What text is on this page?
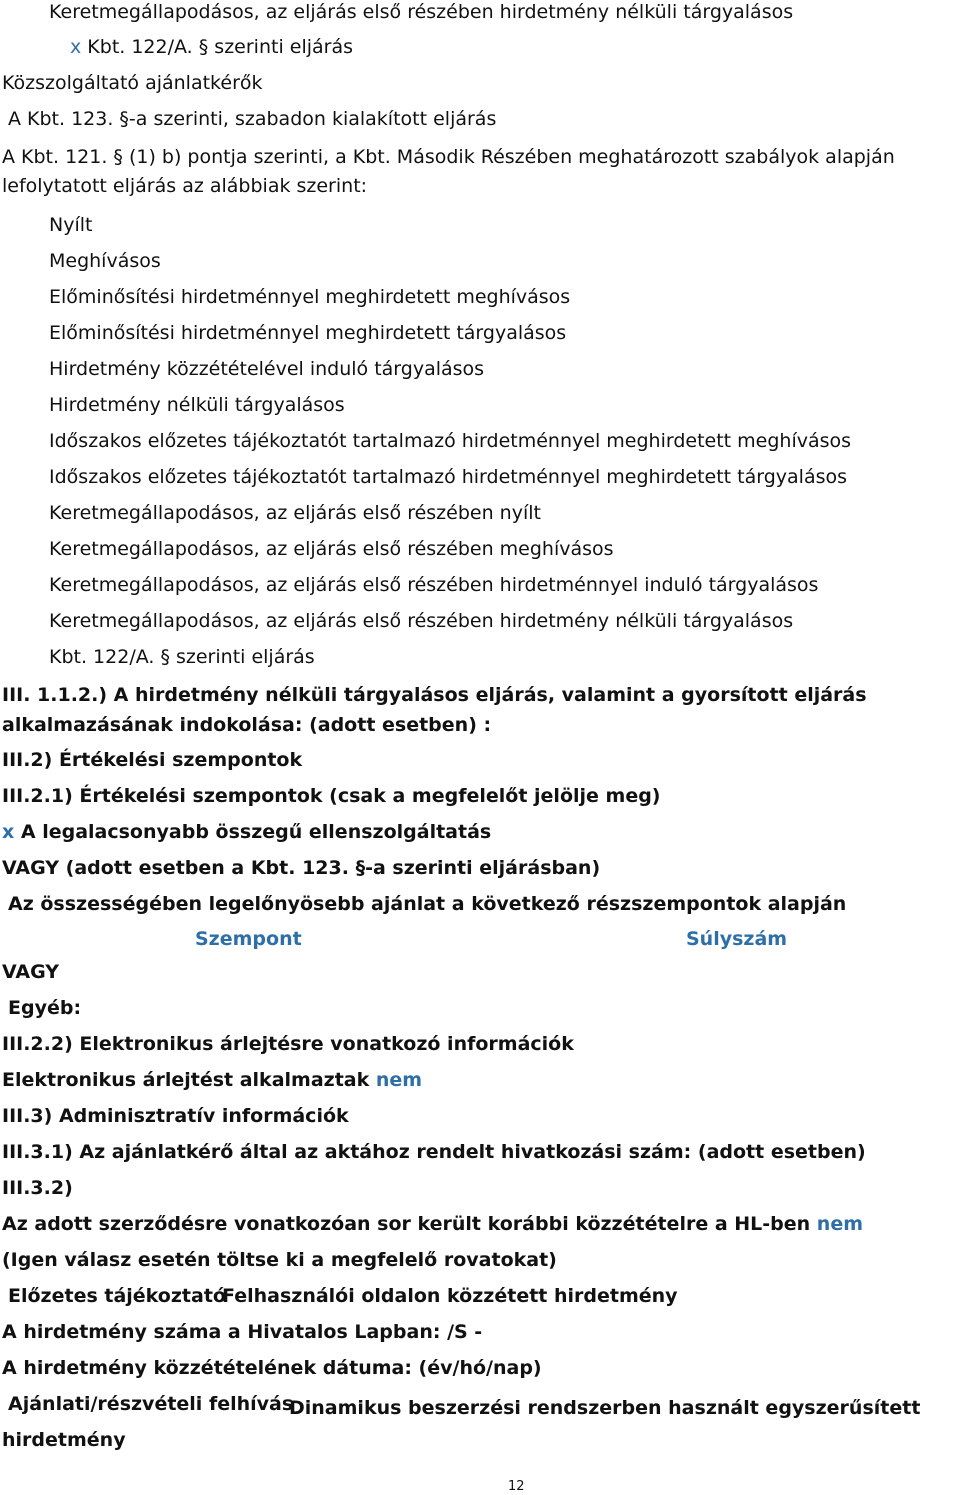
Keretmegállapodásos, az eljárás első részében hirdetmény nélküli tárgyalásos
x Kbt. 122/A. § szerinti eljárás
Közszolgáltató ajánlatkérők
A Kbt. 123. §-a szerinti, szabadon kialakított eljárás
A Kbt. 121. § (1) b) pontja szerinti, a Kbt. Második Részében meghatározott szabályok alapján lefolytatott eljárás az alábbiak szerint:
Nyílt
Meghívásos
Előminősítési hirdetménnyel meghirdetett meghívásos
Előminősítési hirdetménnyel meghirdetett tárgyalásos
Hirdetmény közzétételével induló tárgyalásos
Hirdetmény nélküli tárgyalásos
Időszakos előzetes tájékoztatót tartalmazó hirdetménnyel meghirdetett meghívásos
Időszakos előzetes tájékoztatót tartalmazó hirdetménnyel meghirdetett tárgyalásos
Keretmegállapodásos, az eljárás első részében nyílt
Keretmegállapodásos, az eljárás első részében meghívásos
Keretmegállapodásos, az eljárás első részében hirdetménnyel induló tárgyalásos
Keretmegállapodásos, az eljárás első részében hirdetmény nélküli tárgyalásos
Kbt. 122/A. § szerinti eljárás
III. 1.1.2.) A hirdetmény nélküli tárgyalásos eljárás, valamint a gyorsított eljárás alkalmazásának indokolása: (adott esetben) :
III.2) Értékelési szempontok
III.2.1) Értékelési szempontok (csak a megfelelőt jelölje meg)
x A legalacsonyabb összegű ellenszolgáltatás
VAGY (adott esetben a Kbt. 123. §-a szerinti eljárásban)
Az összességében legelőnyösebb ajánlat a következő részszempontok alapján
Szempont	Súlyszám
VAGY
Egyéb:
III.2.2) Elektronikus árlejtésre vonatkozó információk
Elektronikus árlejtést alkalmaztak nem
III.3) Adminisztratív információk
III.3.1) Az ajánlatkérő által az aktához rendelt hivatkozási szám: (adott esetben)
III.3.2)
Az adott szerződésre vonatkozóan sor került korábbi közzétételre a HL-ben nem
(Igen válasz esetén töltse ki a megfelelő rovatokat)
Előzetes tájékoztató
Felhasználói oldalon közzétett hirdetmény
A hirdetmény száma a Hivatalos Lapban: /S -
A hirdetmény közzétételének dátuma: (év/hó/nap)
Ajánlati/részvételi felhívás
Dinamikus beszerzési rendszerben használt egyszerűsített hirdetmény
12
